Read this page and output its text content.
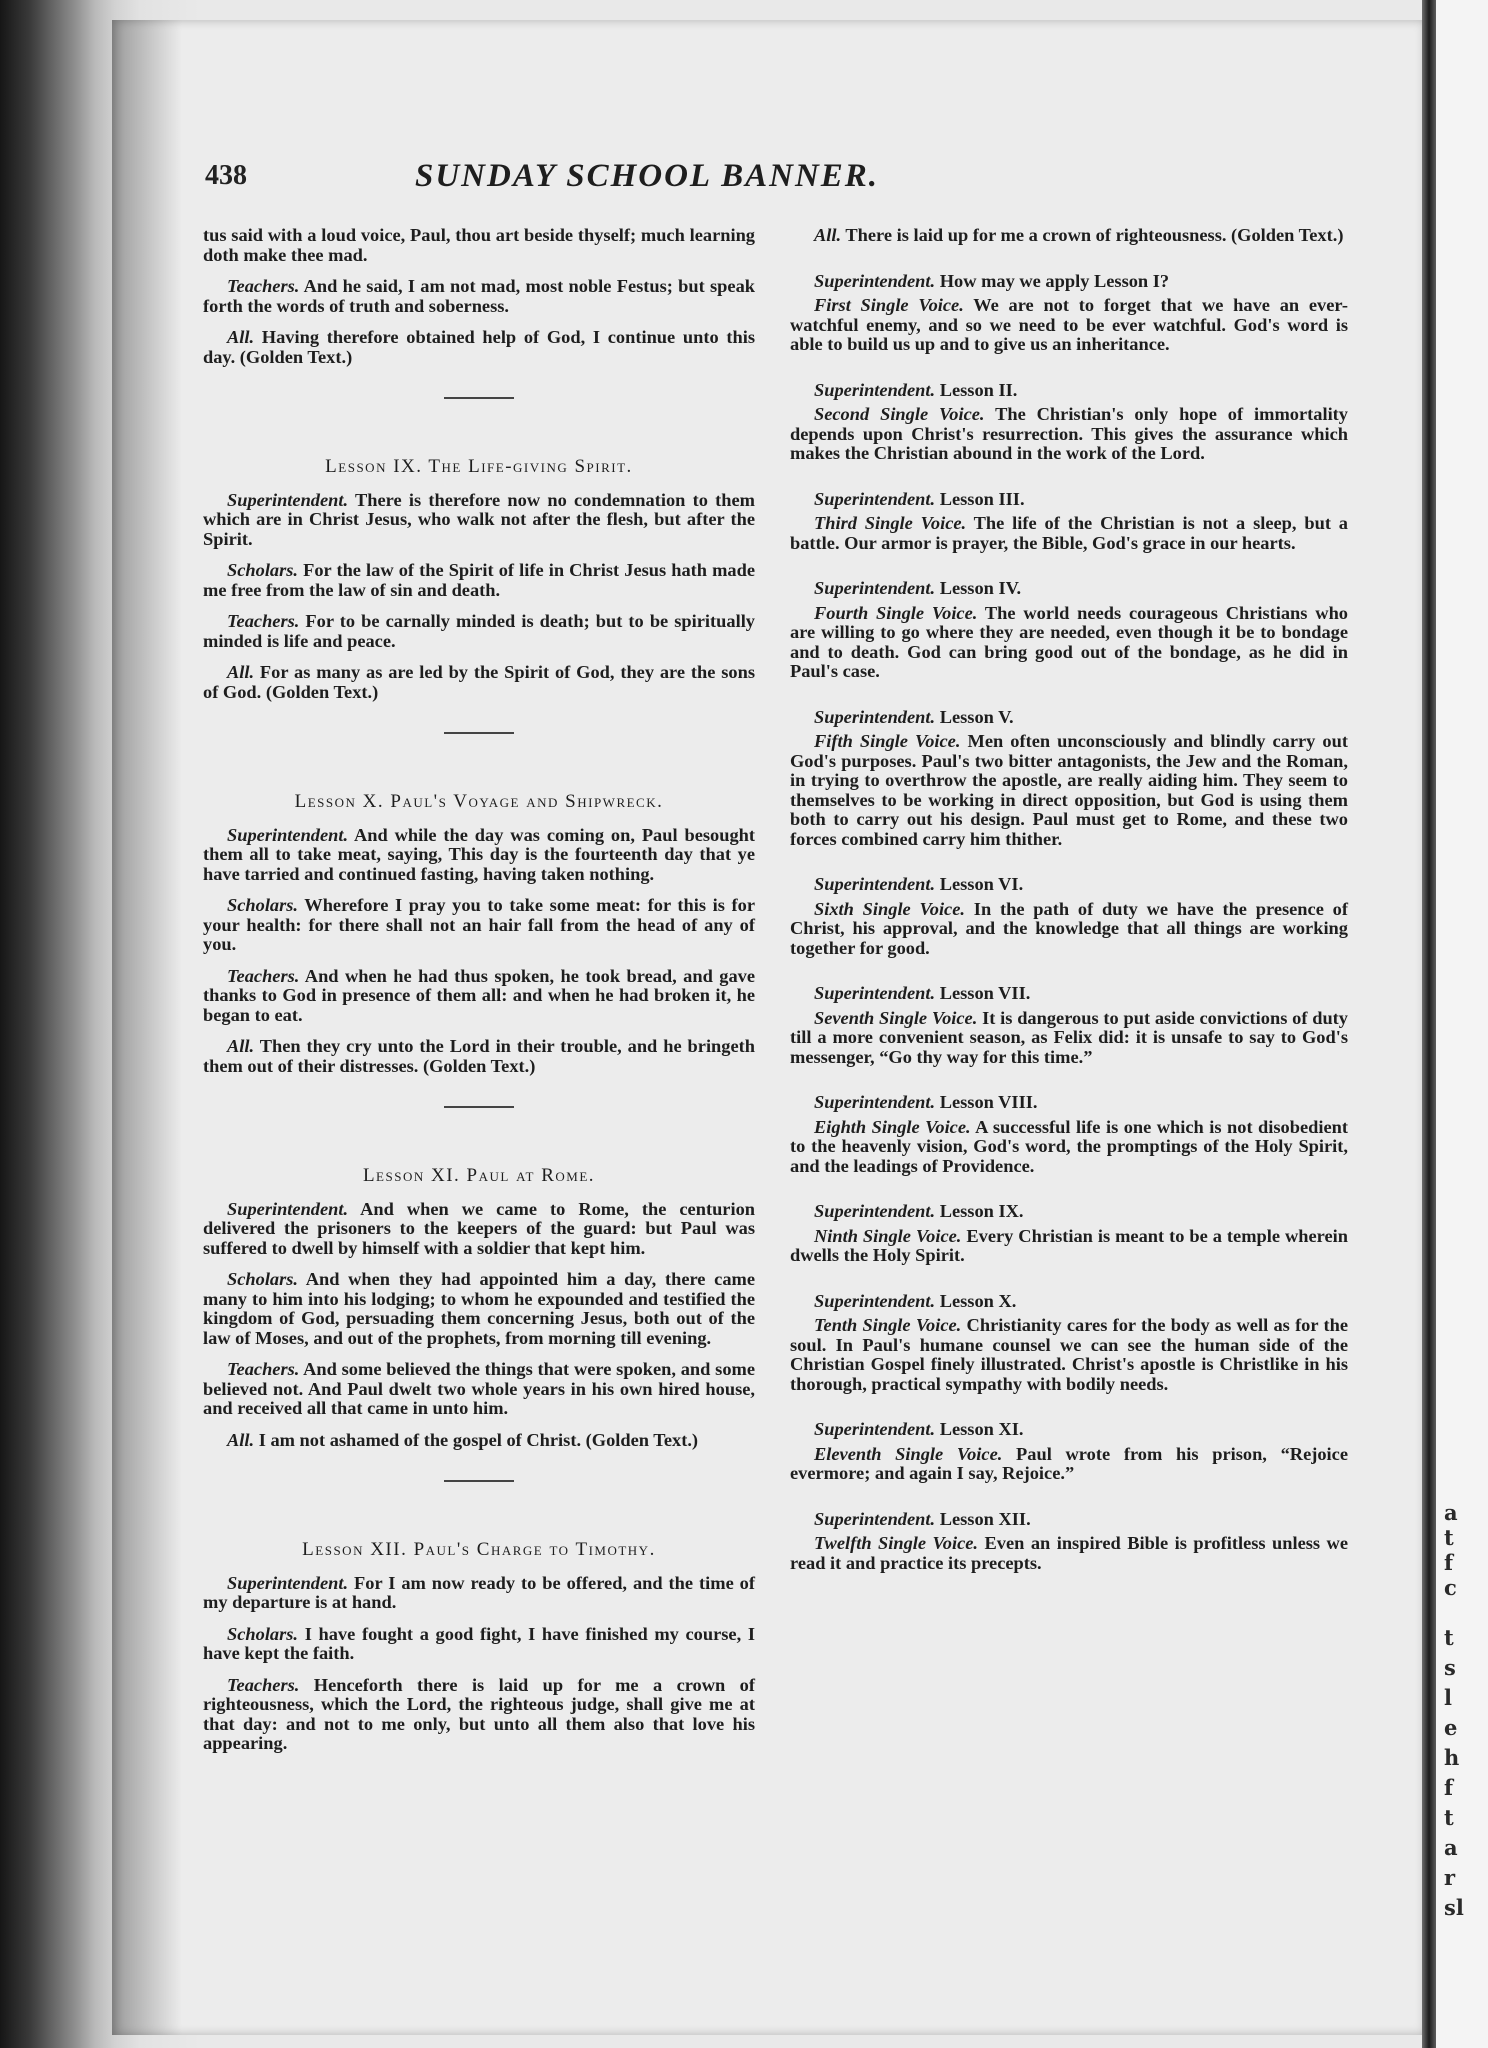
a
t
f
c
t
s
l
e
h
f
t
a
r
sl
438	SUNDAY SCHOOL BANNER.

tus said with a loud voice, Paul, thou art beside thyself; much learning doth make thee mad.

Teachers. And he said, I am not mad, most noble Festus; but speak forth the words of truth and soberness.

All. Having therefore obtained help of God, I continue unto this day. (Golden Text.)

Lesson IX. The Life-giving Spirit.

Superintendent. There is therefore now no condemnation to them which are in Christ Jesus, who walk not after the flesh, but after the Spirit.

Scholars. For the law of the Spirit of life in Christ Jesus hath made me free from the law of sin and death.

Teachers. For to be carnally minded is death; but to be spiritually minded is life and peace.

All. For as many as are led by the Spirit of God, they are the sons of God. (Golden Text.)

Lesson X. Paul's Voyage and Shipwreck.

Superintendent. And while the day was coming on, Paul besought them all to take meat, saying, This day is the fourteenth day that ye have tarried and continued fasting, having taken nothing.

Scholars. Wherefore I pray you to take some meat: for this is for your health: for there shall not an hair fall from the head of any of you.

Teachers. And when he had thus spoken, he took bread, and gave thanks to God in presence of them all: and when he had broken it, he began to eat.

All. Then they cry unto the Lord in their trouble, and he bringeth them out of their distresses. (Golden Text.)

Lesson XI. Paul at Rome.

Superintendent. And when we came to Rome, the centurion delivered the prisoners to the keepers of the guard: but Paul was suffered to dwell by himself with a soldier that kept him.

Scholars. And when they had appointed him a day, there came many to him into his lodging; to whom he expounded and testified the kingdom of God, persuading them concerning Jesus, both out of the law of Moses, and out of the prophets, from morning till evening.

Teachers. And some believed the things that were spoken, and some believed not. And Paul dwelt two whole years in his own hired house, and received all that came in unto him.

All. I am not ashamed of the gospel of Christ. (Golden Text.)

Lesson XII. Paul's Charge to Timothy.

Superintendent. For I am now ready to be offered, and the time of my departure is at hand.

Scholars. I have fought a good fight, I have finished my course, I have kept the faith.

Teachers. Henceforth there is laid up for me a crown of righteousness, which the Lord, the righteous judge, shall give me at that day: and not to me only, but unto all them also that love his appearing.

All. There is laid up for me a crown of righteousness. (Golden Text.)

Superintendent. How may we apply Lesson I?

First Single Voice. We are not to forget that we have an ever-watchful enemy, and so we need to be ever watchful. God's word is able to build us up and to give us an inheritance.

Superintendent. Lesson II.

Second Single Voice. The Christian's only hope of immortality depends upon Christ's resurrection. This gives the assurance which makes the Christian abound in the work of the Lord.

Superintendent. Lesson III.

Third Single Voice. The life of the Christian is not a sleep, but a battle. Our armor is prayer, the Bible, God's grace in our hearts.

Superintendent. Lesson IV.

Fourth Single Voice. The world needs courageous Christians who are willing to go where they are needed, even though it be to bondage and to death. God can bring good out of the bondage, as he did in Paul's case.

Superintendent. Lesson V.

Fifth Single Voice. Men often unconsciously and blindly carry out God's purposes. Paul's two bitter antagonists, the Jew and the Roman, in trying to overthrow the apostle, are really aiding him. They seem to themselves to be working in direct opposition, but God is using them both to carry out his design. Paul must get to Rome, and these two forces combined carry him thither.

Superintendent. Lesson VI.

Sixth Single Voice. In the path of duty we have the presence of Christ, his approval, and the knowledge that all things are working together for good.

Superintendent. Lesson VII.

Seventh Single Voice. It is dangerous to put aside convictions of duty till a more convenient season, as Felix did: it is unsafe to say to God's messenger, “Go thy way for this time.”

Superintendent. Lesson VIII.

Eighth Single Voice. A successful life is one which is not disobedient to the heavenly vision, God's word, the promptings of the Holy Spirit, and the leadings of Providence.

Superintendent. Lesson IX.

Ninth Single Voice. Every Christian is meant to be a temple wherein dwells the Holy Spirit.

Superintendent. Lesson X.

Tenth Single Voice. Christianity cares for the body as well as for the soul. In Paul's humane counsel we can see the human side of the Christian Gospel finely illustrated. Christ's apostle is Christlike in his thorough, practical sympathy with bodily needs.

Superintendent. Lesson XI.

Eleventh Single Voice. Paul wrote from his prison, “Rejoice evermore; and again I say, Rejoice.”

Superintendent. Lesson XII.

Twelfth Single Voice. Even an inspired Bible is profitless unless we read it and practice its precepts.
